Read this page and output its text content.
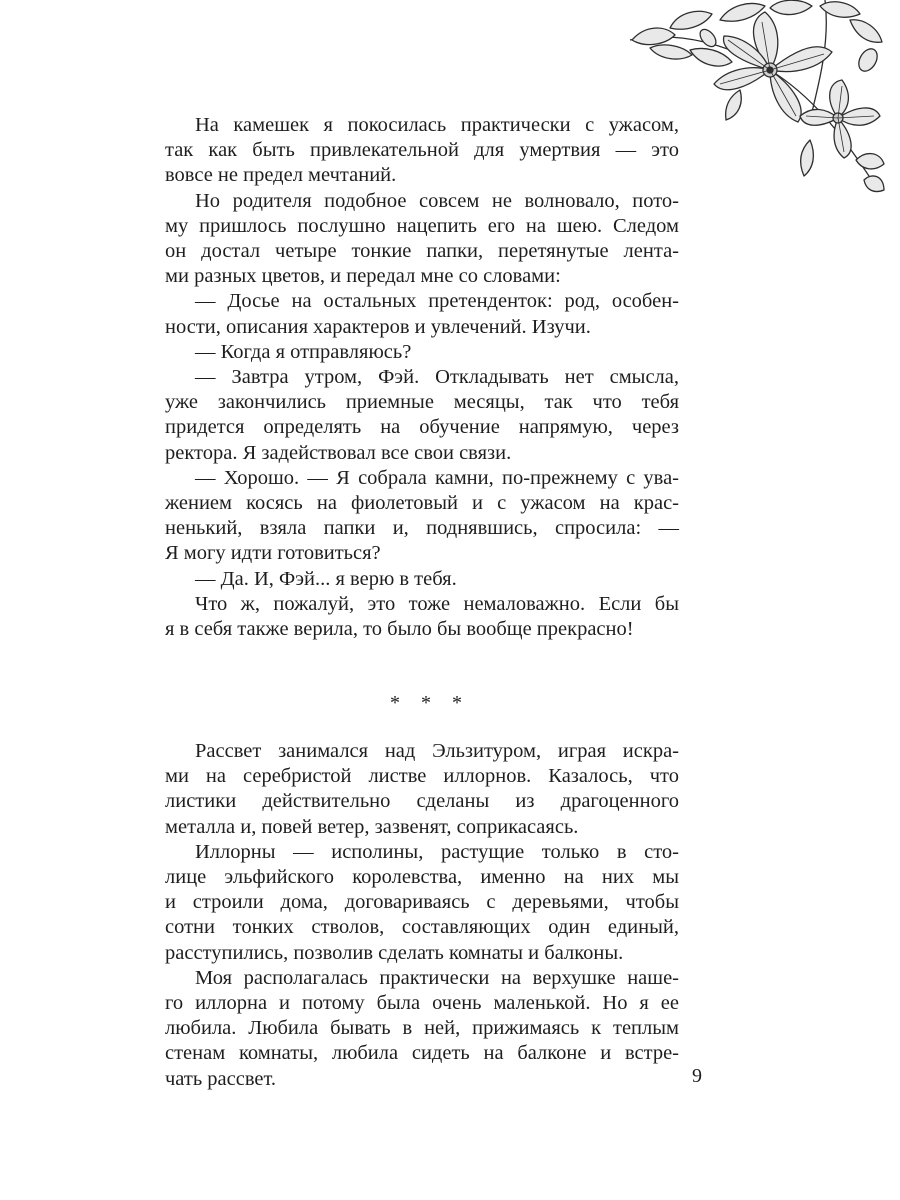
На камешек я покосилась практически с ужасом,
так как быть привлекательной для умертвия — это
вовсе не предел мечтаний.

Но родителя подобное совсем не волновало, пото-
му пришлось послушно нацепить его на шею. Следом
он достал четыре тонкие папки, перетянутые лента-
ми разных цветов, и передал мне со словами:

— Досье на остальных претенденток: род, особен-
ности, описания характеров и увлечений. Изучи.

— Когда я отправляюсь?

— Завтра утром, Фэй. Откладывать нет смысла,
уже закончились приемные месяцы, так что тебя
придется определять на обучение напрямую, через
ректора. Я задействовал все свои связи.

— Хорошо. — Я собрала камни, по-прежнему с ува-
жением косясь на фиолетовый и с ужасом на крас-
ненький, взяла папки и, поднявшись, спросила: —
Я могу идти готовиться?

— Да. И, Фэй... я верю в тебя.

Что ж, пожалуй, это тоже немаловажно. Если бы
я в себя также верила, то было бы вообще прекрасно!

* * *

Рассвет занимался над Эльзитуром, играя искра-
ми на серебристой листве иллорнов. Казалось, что
листики действительно сделаны из драгоценного
металла и, повей ветер, зазвенят, соприкасаясь.

Иллорны — исполины, растущие только в сто-
лице эльфийского королевства, именно на них мы
и строили дома, договариваясь с деревьями, чтобы
сотни тонких стволов, составляющих один единый,
расступились, позволив сделать комнаты и балконы.

Моя располагалась практически на верхушке наше-
го иллорна и потому была очень маленькой. Но я ее
любила. Любила бывать в ней, прижимаясь к теплым
стенам комнаты, любила сидеть на балконе и встре-
чать рассвет.	9
